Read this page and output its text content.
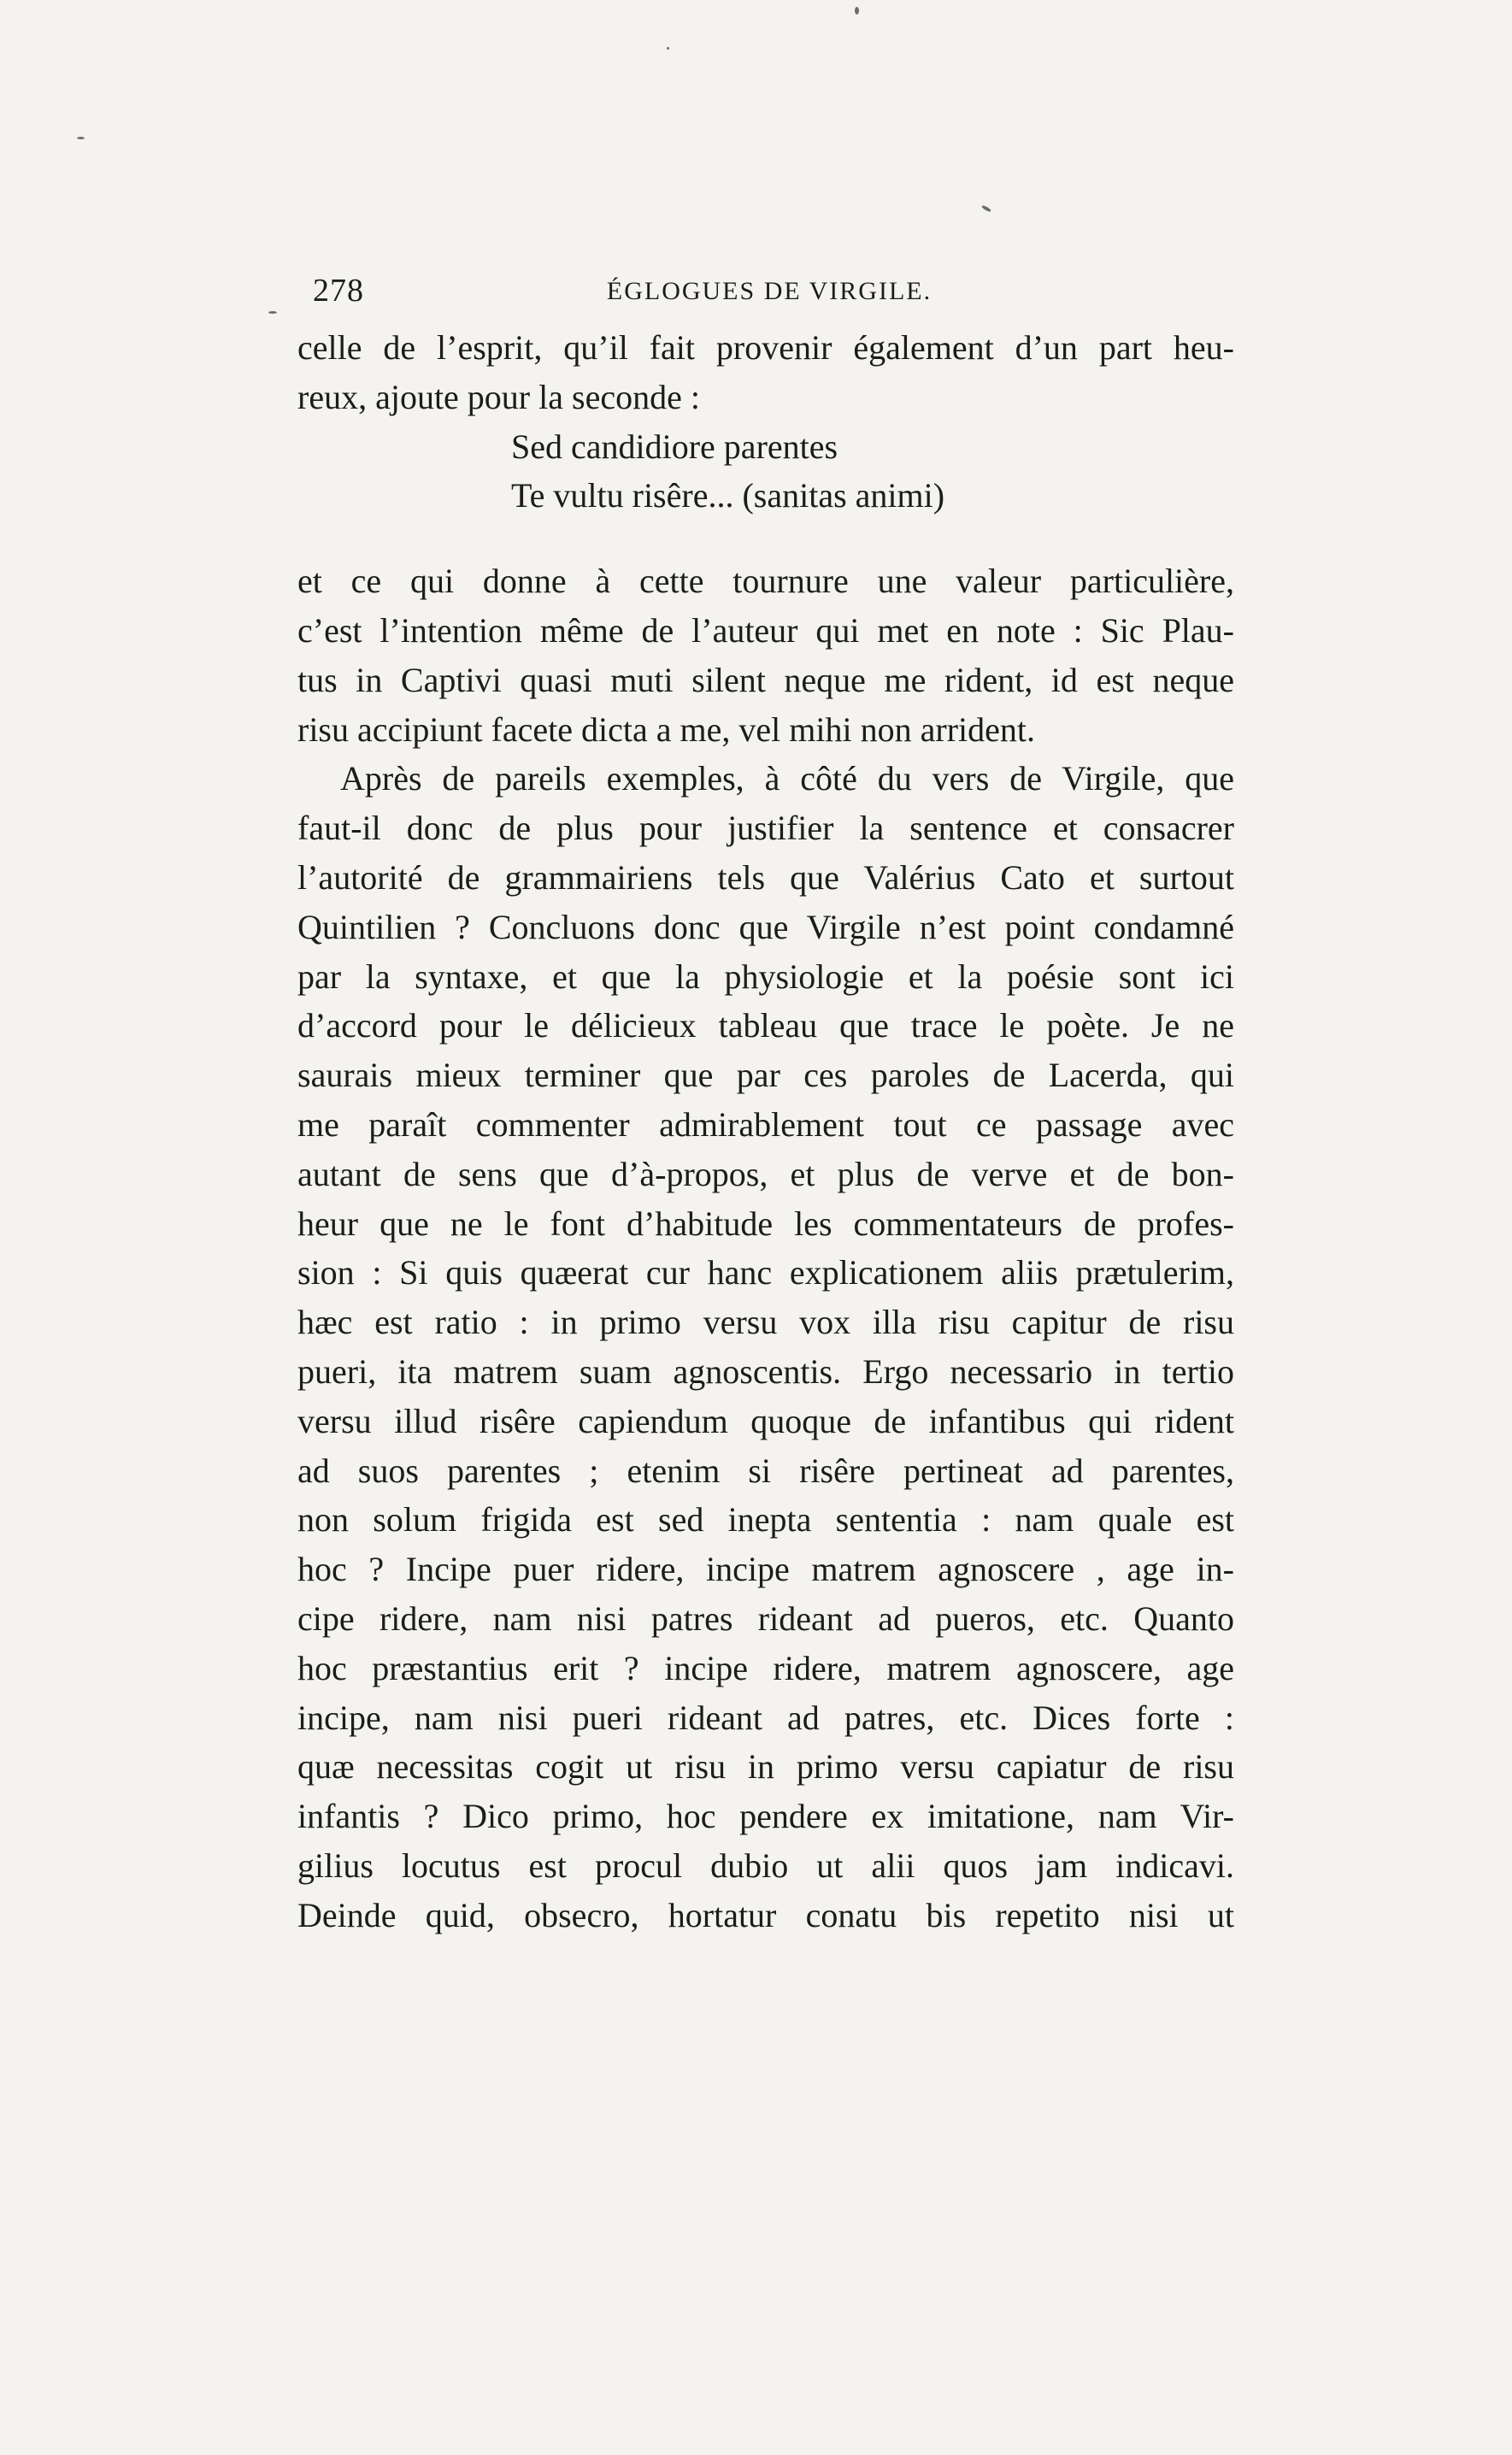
278	ÉGLOGUES DE VIRGILE.
celle de l’esprit, qu’il fait provenir également d’un part heu-
reux, ajoute pour la seconde :
Sed candidiore parentes
Te vultu risêre... (sanitas animi)
et ce qui donne à cette tournure une valeur particulière,
c’est l’intention même de l’auteur qui met en note : Sic Plau-
tus in Captivi quasi muti silent neque me rident, id est neque
risu accipiunt facete dicta a me, vel mihi non arrident.
Après de pareils exemples, à côté du vers de Virgile, que
faut-il donc de plus pour justifier la sentence et consacrer
l’autorité de grammairiens tels que Valérius Cato et surtout
Quintilien ? Concluons donc que Virgile n’est point condamné
par la syntaxe, et que la physiologie et la poésie sont ici
d’accord pour le délicieux tableau que trace le poète. Je ne
saurais mieux terminer que par ces paroles de Lacerda, qui
me paraît commenter admirablement tout ce passage avec
autant de sens que d’à-propos, et plus de verve et de bon-
heur que ne le font d’habitude les commentateurs de profes-
sion : Si quis quæerat cur hanc explicationem aliis prætulerim,
hæc est ratio : in primo versu vox illa risu capitur de risu
pueri, ita matrem suam agnoscentis. Ergo necessario in tertio
versu illud risêre capiendum quoque de infantibus qui rident
ad suos parentes ; etenim si risêre pertineat ad parentes,
non solum frigida est sed inepta sententia : nam quale est
hoc ? Incipe puer ridere, incipe matrem agnoscere , age in-
cipe ridere, nam nisi patres rideant ad pueros, etc. Quanto
hoc præstantius erit ? incipe ridere, matrem agnoscere, age
incipe, nam nisi pueri rideant ad patres, etc. Dices forte :
quæ necessitas cogit ut risu in primo versu capiatur de risu
infantis ? Dico primo, hoc pendere ex imitatione, nam Vir-
gilius locutus est procul dubio ut alii quos jam indicavi.
Deinde quid, obsecro, hortatur conatu bis repetito nisi ut
